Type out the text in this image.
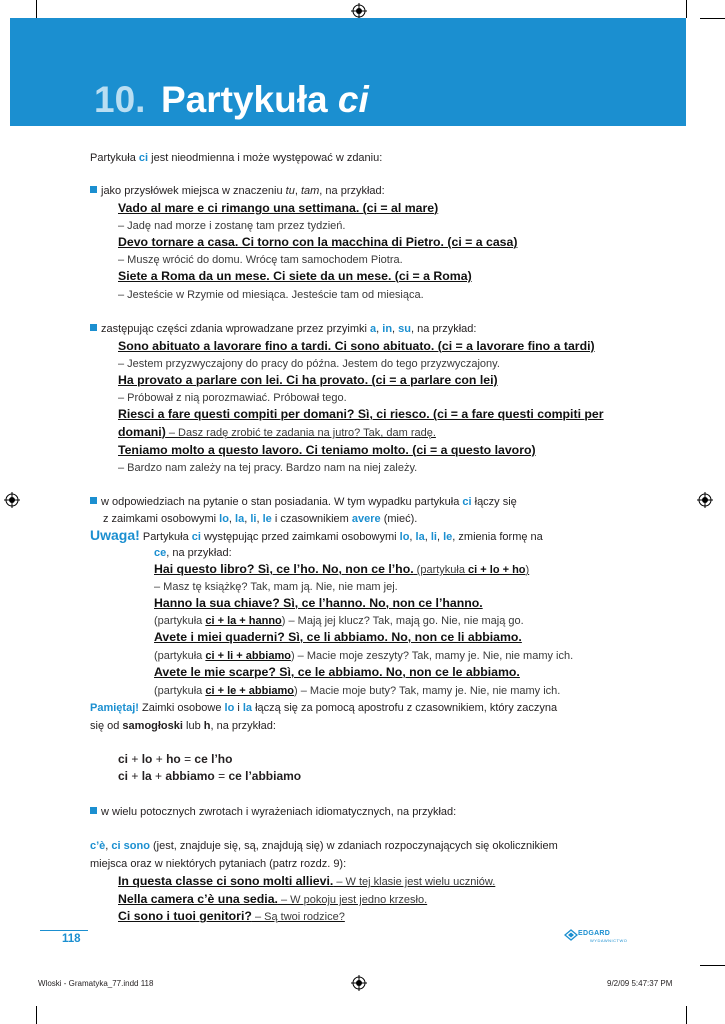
10. Partykuła ci
Partykuła ci jest nieodmienna i może występować w zdaniu:
jako przysłówek miejsca w znaczeniu tu, tam, na przykład:
Vado al mare e ci rimango una settimana. (ci = al mare)
– Jadę nad morze i zostanę tam przez tydzień.
Devo tornare a casa. Ci torno con la macchina di Pietro. (ci = a casa)
– Muszę wrócić do domu. Wrócę tam samochodem Piotra.
Siete a Roma da un mese. Ci siete da un mese. (ci = a Roma)
– Jesteście w Rzymie od miesiąca. Jesteście tam od miesiąca.
zastępując części zdania wprowadzane przez przyimki a, in, su, na przykład:
Sono abituato a lavorare fino a tardi. Ci sono abituato. (ci = a lavorare fino a tardi)
– Jestem przyzwyczajony do pracy do późna. Jestem do tego przyzwyczajony.
Ha provato a parlare con lei. Ci ha provato. (ci = a parlare con lei)
– Próbował z nią porozmawiać. Próbował tego.
Riesci a fare questi compiti per domani? Sì, ci riesco. (ci = a fare questi compiti per
domani) – Dasz radę zrobić te zadania na jutro? Tak, dam radę.
Teniamo molto a questo lavoro. Ci teniamo molto. (ci = a questo lavoro)
– Bardzo nam zależy na tej pracy. Bardzo nam na niej zależy.
w odpowiedziach na pytanie o stan posiadania. W tym wypadku partykuła ci łączy się
z zaimkami osobowymi lo, la, li, le i czasownikiem avere (mieć).
Uwaga! Partykuła ci występując przed zaimkami osobowymi lo, la, li, le, zmienia formę na
ce, na przykład:
Hai questo libro? Sì, ce l’ho. No, non ce l’ho. (partykuła ci + lo + ho)
– Masz tę książkę? Tak, mam ją. Nie, nie mam jej.
Hanno la sua chiave? Sì, ce l’hanno. No, non ce l’hanno.
(partykuła ci + la + hanno) – Mają jej klucz? Tak, mają go. Nie, nie mają go.
Avete i miei quaderni? Sì, ce li abbiamo. No, non ce li abbiamo.
(partykuła ci + li + abbiamo) – Macie moje zeszyty? Tak, mamy je. Nie, nie mamy ich.
Avete le mie scarpe? Sì, ce le abbiamo. No, non ce le abbiamo.
(partykuła ci + le + abbiamo) – Macie moje buty? Tak, mamy je. Nie, nie mamy ich.
Pamiętaj! Zaimki osobowe lo i la łączą się za pomocą apostrofu z czasownikiem, który zaczyna
się od samogłoski lub h, na przykład:
ci + lo + ho = ce l’ho
ci + la + abbiamo = ce l’abbiamo
w wielu potocznych zwrotach i wyrażeniach idiomatycznych, na przykład:
c’è, ci sono (jest, znajduje się, są, znajdują się) w zdaniach rozpoczynających się okolicznikiem
miejsca oraz w niektórych pytaniach (patrz rozdz. 9):
In questa classe ci sono molti allievi. – W tej klasie jest wielu uczniów.
Nella camera c’è una sedia. – W pokoju jest jedno krzesło.
Ci sono i tuoi genitori? – Są twoi rodzice?
118	EDGARD
WYDAWNICTWO
Wloski - Gramatyka_77.indd 118	9/2/09 5:47:37 PM
